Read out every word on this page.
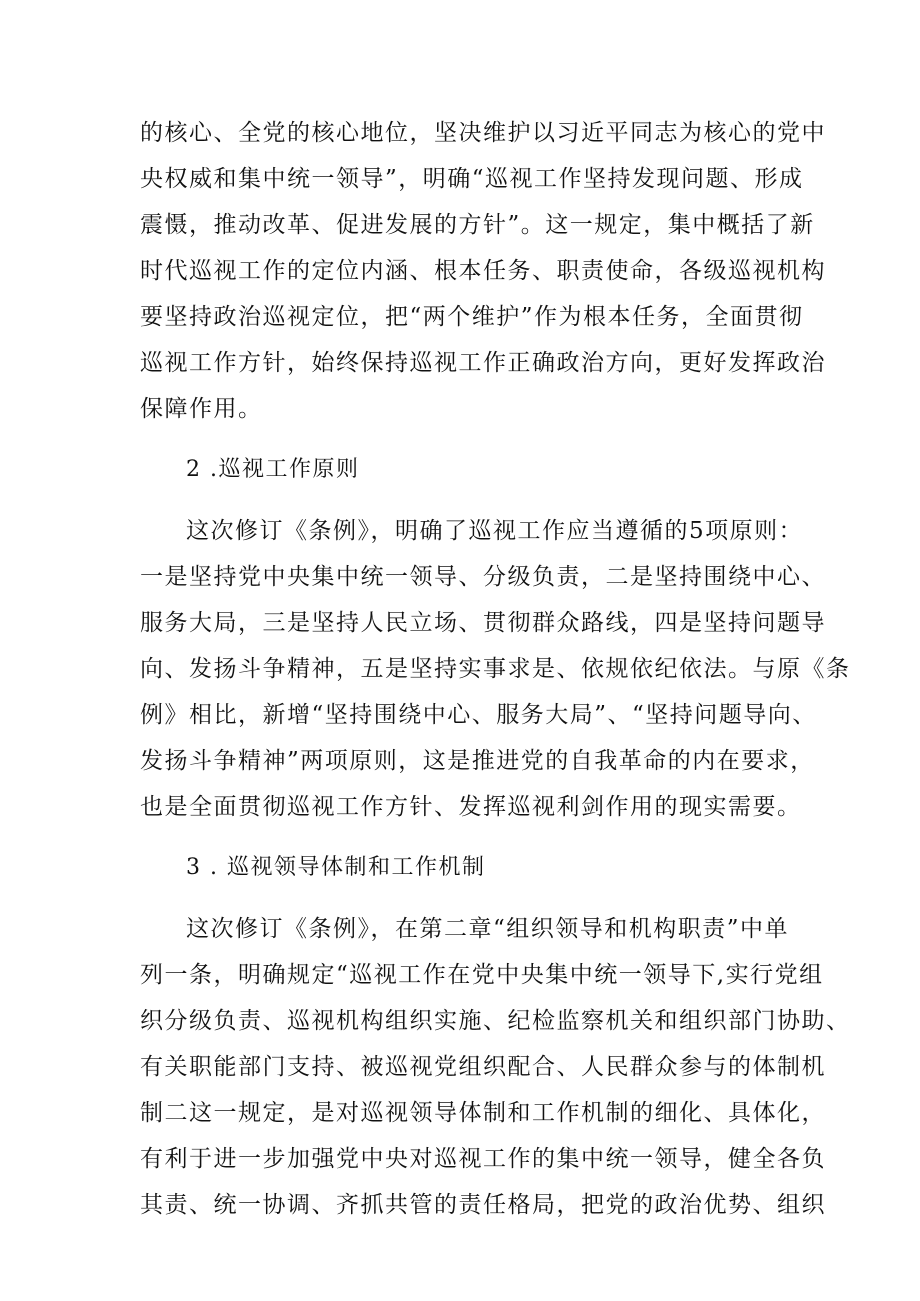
的核心、全党的核心地位，坚决维护以习近平同志为核心的党中
央权威和集中统一领导”，明确“巡视工作坚持发现问题、形成
震慑，推动改革、促进发展的方针”。这一规定，集中概括了新
时代巡视工作的定位内涵、根本任务、职责使命，各级巡视机构
要坚持政治巡视定位，把“两个维护”作为根本任务，全面贯彻
巡视工作方针，始终保持巡视工作正确政治方向，更好发挥政治
保障作用。
2 .巡视工作原则
这次修订《条例》，明确了巡视工作应当遵循的5项原则：
一是坚持党中央集中统一领导、分级负责，二是坚持围绕中心、
服务大局，三是坚持人民立场、贯彻群众路线，四是坚持问题导
向、发扬斗争精神，五是坚持实事求是、依规依纪依法。与原《条
例》相比，新增“坚持围绕中心、服务大局”、“坚持问题导向、
发扬斗争精神”两项原则，这是推进党的自我革命的内在要求，
也是全面贯彻巡视工作方针、发挥巡视利剑作用的现实需要。
3 . 巡视领导体制和工作机制
这次修订《条例》，在第二章“组织领导和机构职责”中单
列一条，明确规定“巡视工作在党中央集中统一领导下,实行党组
织分级负责、巡视机构组织实施、纪检监察机关和组织部门协助、
有关职能部门支持、被巡视党组织配合、人民群众参与的体制机
制二这一规定，是对巡视领导体制和工作机制的细化、具体化，
有利于进一步加强党中央对巡视工作的集中统一领导，健全各负
其责、统一协调、齐抓共管的责任格局，把党的政治优势、组织
